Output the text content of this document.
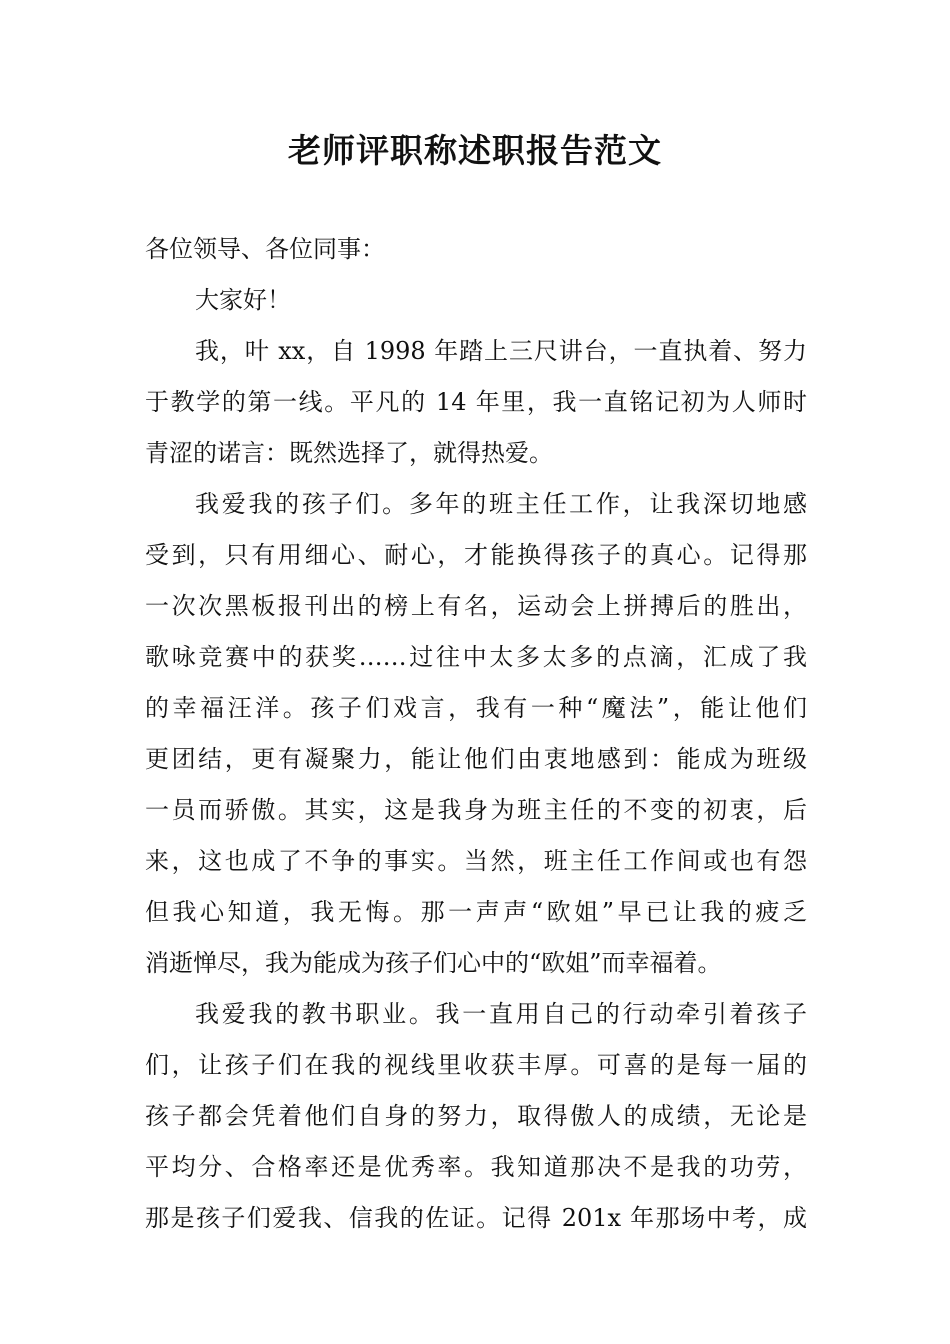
老师评职称述职报告范文
各位领导、各位同事：
大家好！
我，叶 xx，自 1998 年踏上三尺讲台，一直执着、努力
于教学的第一线。平凡的 14 年里，我一直铭记初为人师时
青涩的诺言：既然选择了，就得热爱。
我爱我的孩子们。多年的班主任工作，让我深切地感
受到，只有用细心、耐心，才能换得孩子的真心。记得那
一次次黑板报刊出的榜上有名，运动会上拼搏后的胜出，
歌咏竞赛中的获奖……过往中太多太多的点滴，汇成了我
的幸福汪洋。孩子们戏言，我有一种“魔法”，能让他们
更团结，更有凝聚力，能让他们由衷地感到：能成为班级
一员而骄傲。其实，这是我身为班主任的不变的初衷，后
来，这也成了不争的事实。当然，班主任工作间或也有怨
但我心知道，我无悔。那一声声“欧姐”早已让我的疲乏
消逝惮尽，我为能成为孩子们心中的“欧姐”而幸福着。
我爱我的教书职业。我一直用自己的行动牵引着孩子
们，让孩子们在我的视线里收获丰厚。可喜的是每一届的
孩子都会凭着他们自身的努力，取得傲人的成绩，无论是
平均分、合格率还是优秀率。我知道那决不是我的功劳，
那是孩子们爱我、信我的佐证。记得 201x 年那场中考，成
